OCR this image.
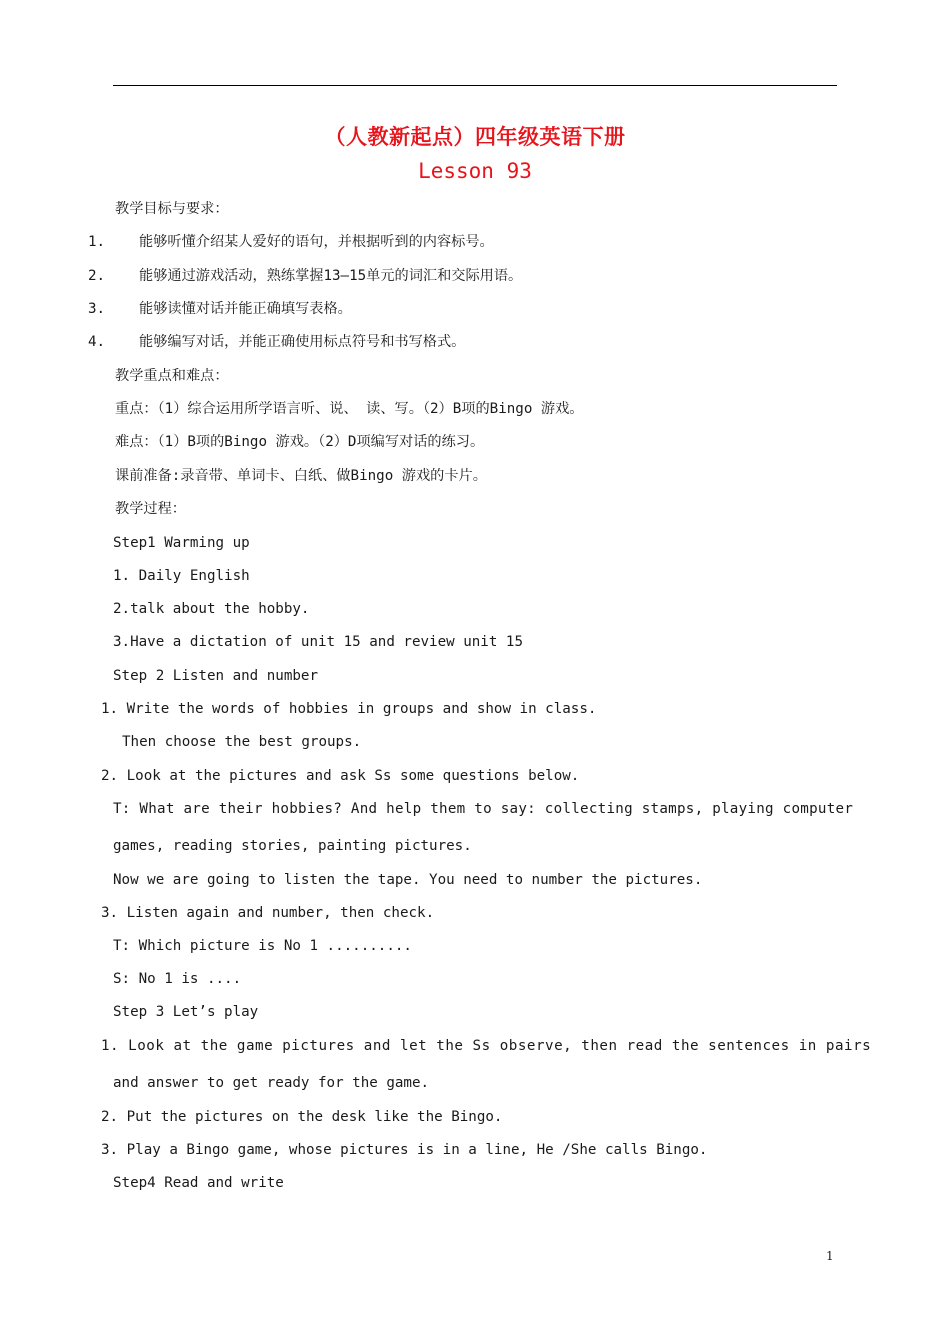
（人教新起点）四年级英语下册
Lesson 93
教学目标与要求：
1. 能够听懂介绍某人爱好的语句，并根据听到的内容标号。
2. 能够通过游戏活动，熟练掌握13—15单元的词汇和交际用语。
3. 能够读懂对话并能正确填写表格。
4. 能够编写对话，并能正确使用标点符号和书写格式。
教学重点和难点：
重点：（1）综合运用所学语言听、说、 读、写。（2）B项的Bingo 游戏。
难点：（1）B项的Bingo 游戏。（2）D项编写对话的练习。
课前准备:录音带、单词卡、白纸、做Bingo 游戏的卡片。
教学过程：
Step1 Warming up
1. Daily English
2.talk about the hobby.
3.Have a dictation of unit 15 and review unit 15
Step 2 Listen and number
1. Write the words of hobbies in groups and show in class.
Then choose the best groups.
2. Look at the pictures and ask Ss some questions below.
T: What are their hobbies? And help them to say: collecting stamps, playing computer
games, reading stories, painting pictures.
Now we are going to listen the tape. You need to number the pictures.
3. Listen again and number, then check.
T: Which picture is No 1 ..........
S: No 1 is ....
Step 3 Let’s play
1. Look at the game pictures and let the Ss observe, then read the sentences in pairs
and answer to get ready for the game.
2. Put the pictures on the desk like the Bingo.
3. Play a Bingo game, whose pictures is in a line, He /She calls Bingo.
Step4 Read and write
1
